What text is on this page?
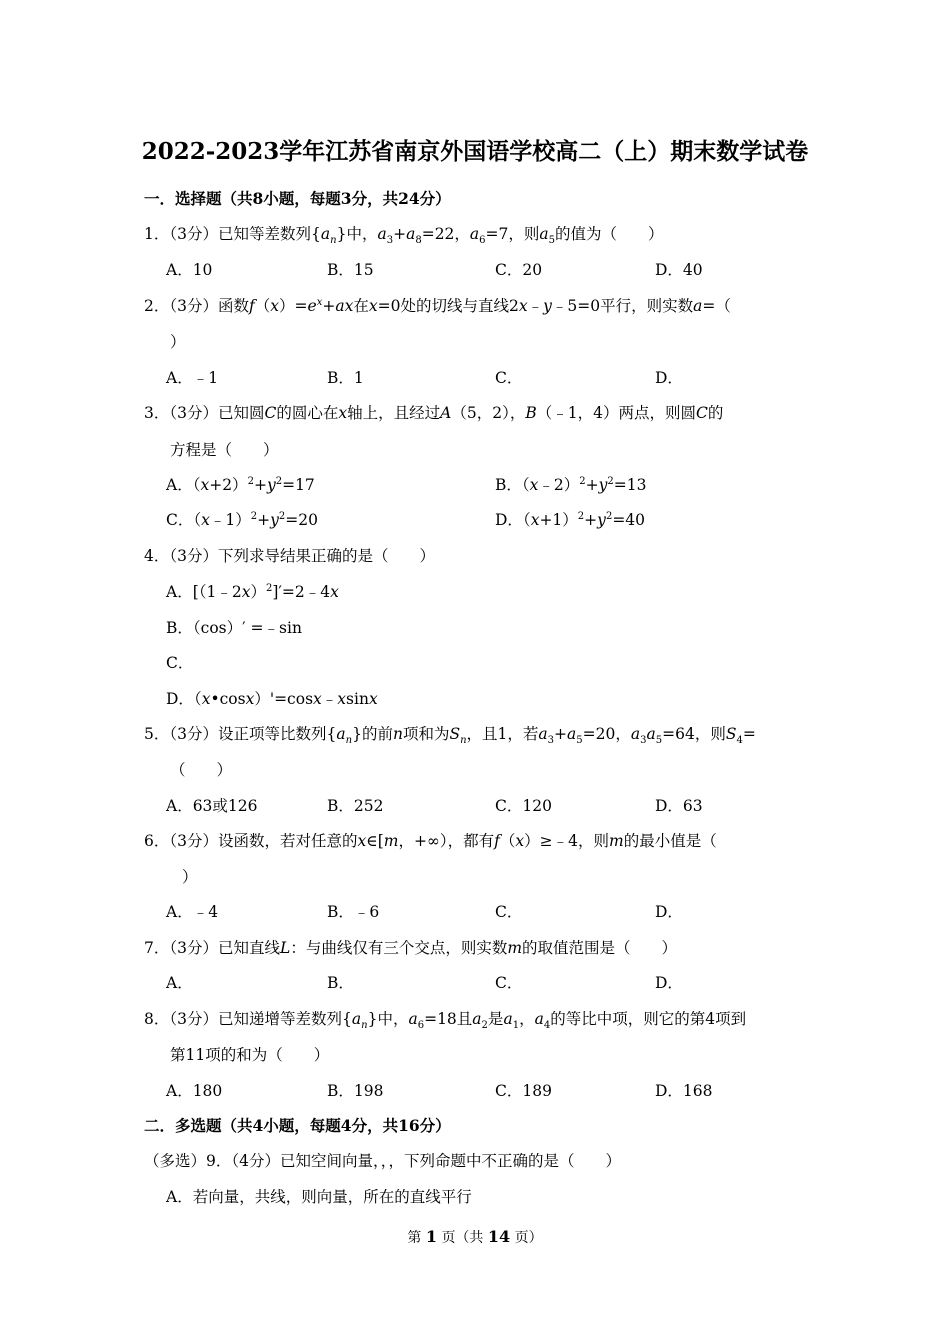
2022-2023学年江苏省南京外国语学校高二（上）期末数学试卷
一．选择题（共8小题，每题3分，共24分）
1．（3分）已知等差数列$\{a_n\}$中，$a_3+a_8=22$，$a_6=7$，则$a_5$的值为（　　）
A．10	B．15	C．20	D．40
2．（3分）函数$f(x)=e^x+ax$在x=0处的切线与直线2x﹣y﹣5=0平行，则实数a=（
）
A．﹣1	B．1	C．	D．
3．（3分）已知圆C的圆心在x轴上，且经过A（5，2），B（﹣1，4）两点，则圆C的
方程是（　　）
A．$(x+2)^2+y^2=17$	B．$(x﹣2)^2+y^2=13$
C．$(x﹣1)^2+y^2=20$	D．$(x+1)^2+y^2=40$
4．（3分）下列求导结果正确的是（　　）
A．[（1﹣2x）$^2$]′=2﹣4x
B．（cos）′ =﹣sin
C．
D．（x•cosx）'=cosx﹣xsinx
5．（3分）设正项等比数列$\{a_n\}$的前n项和为$S_n$，且1，若$a_3+a_5=20$，$a_3a_5=64$，则$S_4=$
（　　）
A．63或126	B．252	C．120	D．63
6．（3分）设函数，若对任意的x∈[m，+∞），都有f（x）≥﹣4，则m的最小值是（
）
A．﹣4	B．﹣6	C．	D．
7．（3分）已知直线L：与曲线仅有三个交点，则实数m的取值范围是（　　）
A．	B．	C．	D．
8．（3分）已知递增等差数列$\{a_n\}$中，$a_6=18$且$a_2$是$a_1$，$a_4$的等比中项，则它的第4项到
第11项的和为（　　）
A．180	B．198	C．189	D．168
二．多选题（共4小题，每题4分，共16分）
（多选）9．（4分）已知空间向量，，，下列命题中不正确的是（　　）
A．若向量，共线，则向量，所在的直线平行
第 1 页（共 14 页）
